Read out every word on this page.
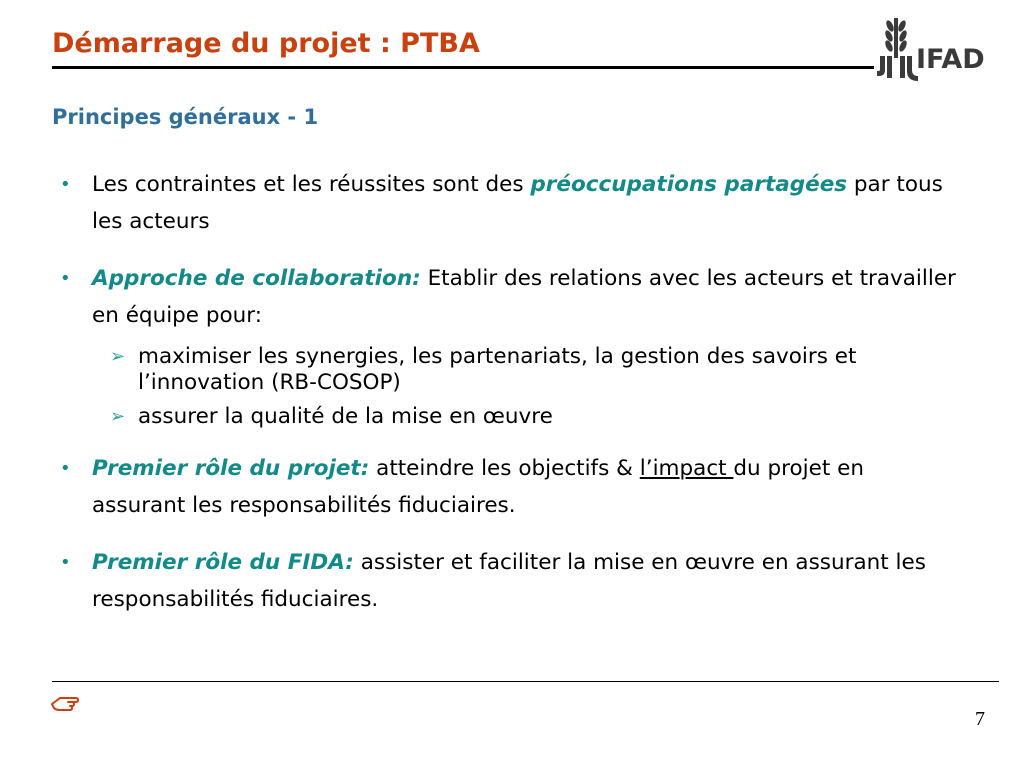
Démarrage du projet : PTBA
IFAD
Principes généraux - 1
• Les contraintes et les réussites sont des préoccupations partagées par tous les acteurs
• Approche de collaboration: Etablir des relations avec les acteurs et travailler en équipe pour:
➢ maximiser les synergies, les partenariats, la gestion des savoirs et l’innovation (RB-COSOP)
➢ assurer la qualité de la mise en œuvre
• Premier rôle du projet: atteindre les objectifs & l’impact du projet en assurant les responsabilités fiduciaires.
• Premier rôle du FIDA: assister et faciliter la mise en œuvre en assurant les responsabilités fiduciaires.
7
